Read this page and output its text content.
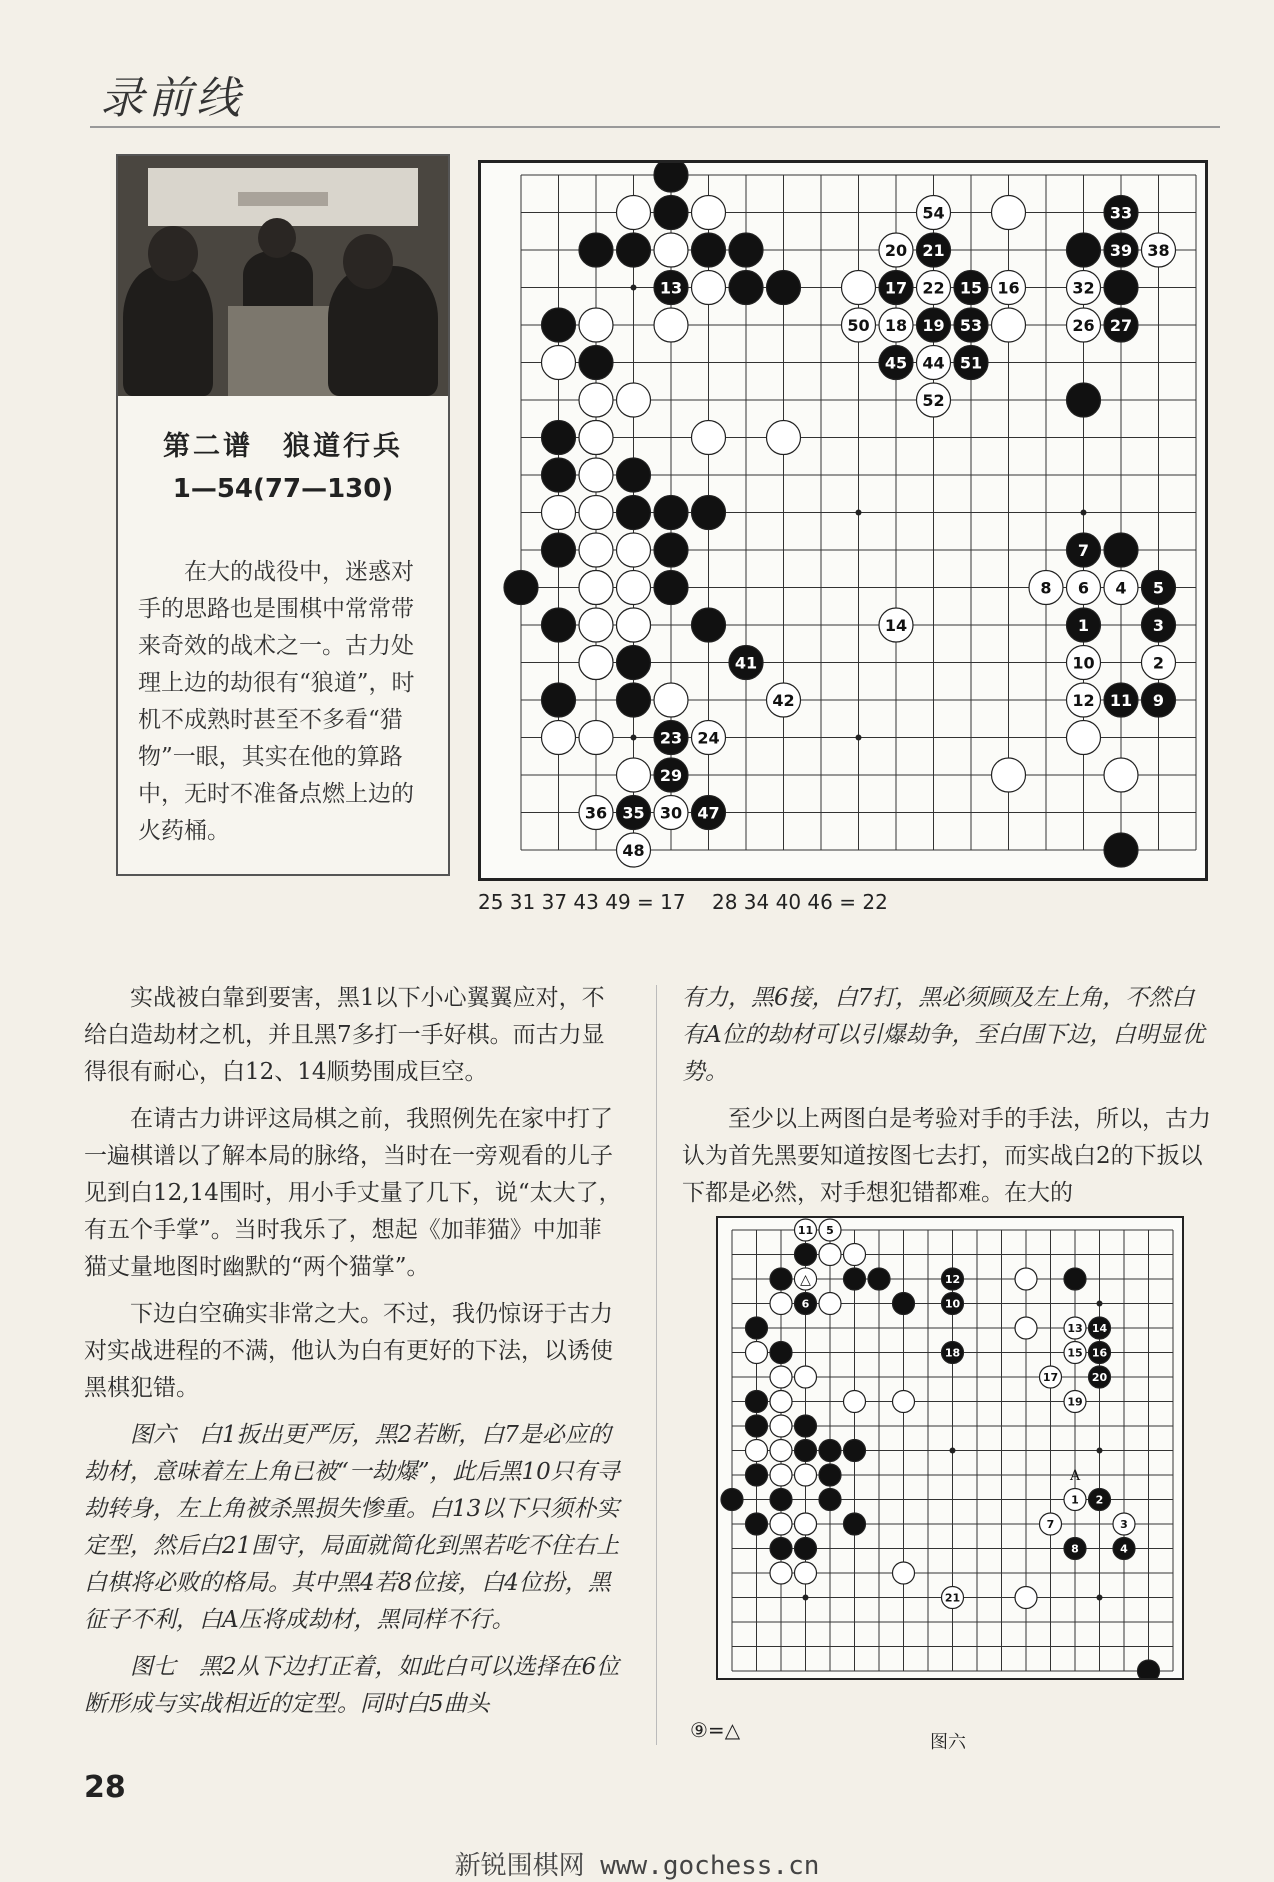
录前线
第二谱　狼道行兵
1—54(77—130)
在大的战役中，迷惑对手的思路也是围棋中常常带来奇效的战术之一。古力处理上边的劫很有“狼道”，时机不成熟时甚至不多看“猎物”一眼，其实在他的算路中，无时不准备点燃上边的火药桶。
54
20 21
33
39 38
13	17 22 15 16	32
50 18 19 53	26 27
45 44 51
52
7
8 6 4 5
14	1	3
41	10	2
42	12 11 9
23 24
29
36 35 30 47
48
25 31 37 43 49 = 17 28 34 40 46 = 22

实战被白靠到要害，黑1以下小心翼翼应对，不给白造劫材之机，并且黑7多打一手好棋。而古力显得很有耐心，白12、14顺势围成巨空。

在请古力讲评这局棋之前，我照例先在家中打了一遍棋谱以了解本局的脉络，当时在一旁观看的儿子见到白12,14围时，用小手丈量了几下，说“太大了，有五个手掌”。当时我乐了，想起《加菲猫》中加菲猫丈量地图时幽默的“两个猫掌”。

下边白空确实非常之大。不过，我仍惊讶于古力对实战进程的不满，他认为白有更好的下法，以诱使黑棋犯错。

图六　白1扳出更严厉，黑2若断，白7是必应的劫材，意味着左上角已被“一劫爆”，此后黑10只有寻劫转身，左上角被杀黑损失惨重。白13以下只须朴实定型，然后白21围守，局面就简化到黑若吃不住右上白棋将必败的格局。其中黑4若8位接，白4位扮，黑征子不利，白A压将成劫材，黑同样不行。

图七　黑2从下边打正着，如此白可以选择在6位断形成与实战相近的定型。同时白5曲头

有力，黑6接，白7打，黑必须顾及左上角，不然白有A位的劫材可以引爆劫争，至白围下边，白明显优势。

至少以上两图白是考验对手的手法，所以，古力认为首先黑要知道按图七去打，而实战白2的下扳以下都是必然，对手想犯错都难。在大的

11 5
6
12
10
18
13 14
15 16
17	20
19
1 2
7	3
8	4
21
A
△
⑨=△
图六
28
新锐围棋网 www.gochess.cn
